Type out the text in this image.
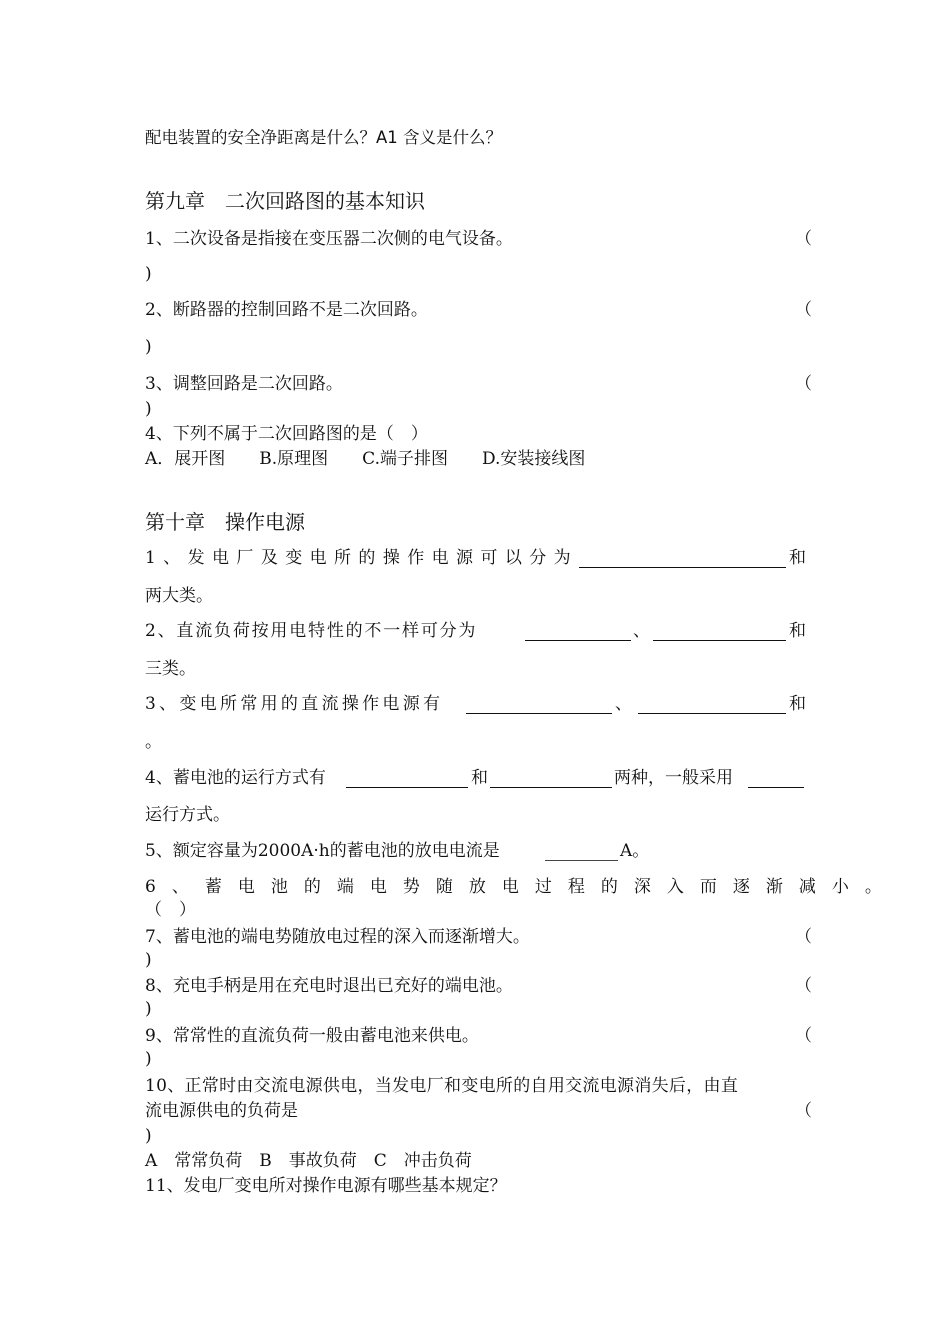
配电装置的安全净距离是什么？A1 含义是什么？
第九章　二次回路图的基本知识
1、二次设备是指接在变压器二次侧的电气设备。	（
)
2、断路器的控制回路不是二次回路。	（
)
3、调整回路是二次回路。	（
)
4、下列不属于二次回路图的是（　）
A．展开图　　B.原理图　　C.端子排图　　D.安装接线图
第十章　操作电源
1、发电厂及变电所的操作电源可以分为	和
两大类。
2、直流负荷按用电特性的不一样可分为	、	和
三类。
3、变电所常用的直流操作电源有	、	和
。
4、蓄电池的运行方式有	和	两种，一般采用
运行方式。
5、额定容量为2000A·h的蓄电池的放电电流是	A。
6、蓄电池的端电势随放电过程的深入而逐渐减小。
（　）
7、蓄电池的端电势随放电过程的深入而逐渐增大。	（
)
8、充电手柄是用在充电时退出已充好的端电池。	（
)
9、常常性的直流负荷一般由蓄电池来供电。	（
)
10、正常时由交流电源供电，当发电厂和变电所的自用交流电源消失后，由直
流电源供电的负荷是	（
)
A　常常负荷　B　事故负荷　C　冲击负荷
11、发电厂变电所对操作电源有哪些基本规定？
